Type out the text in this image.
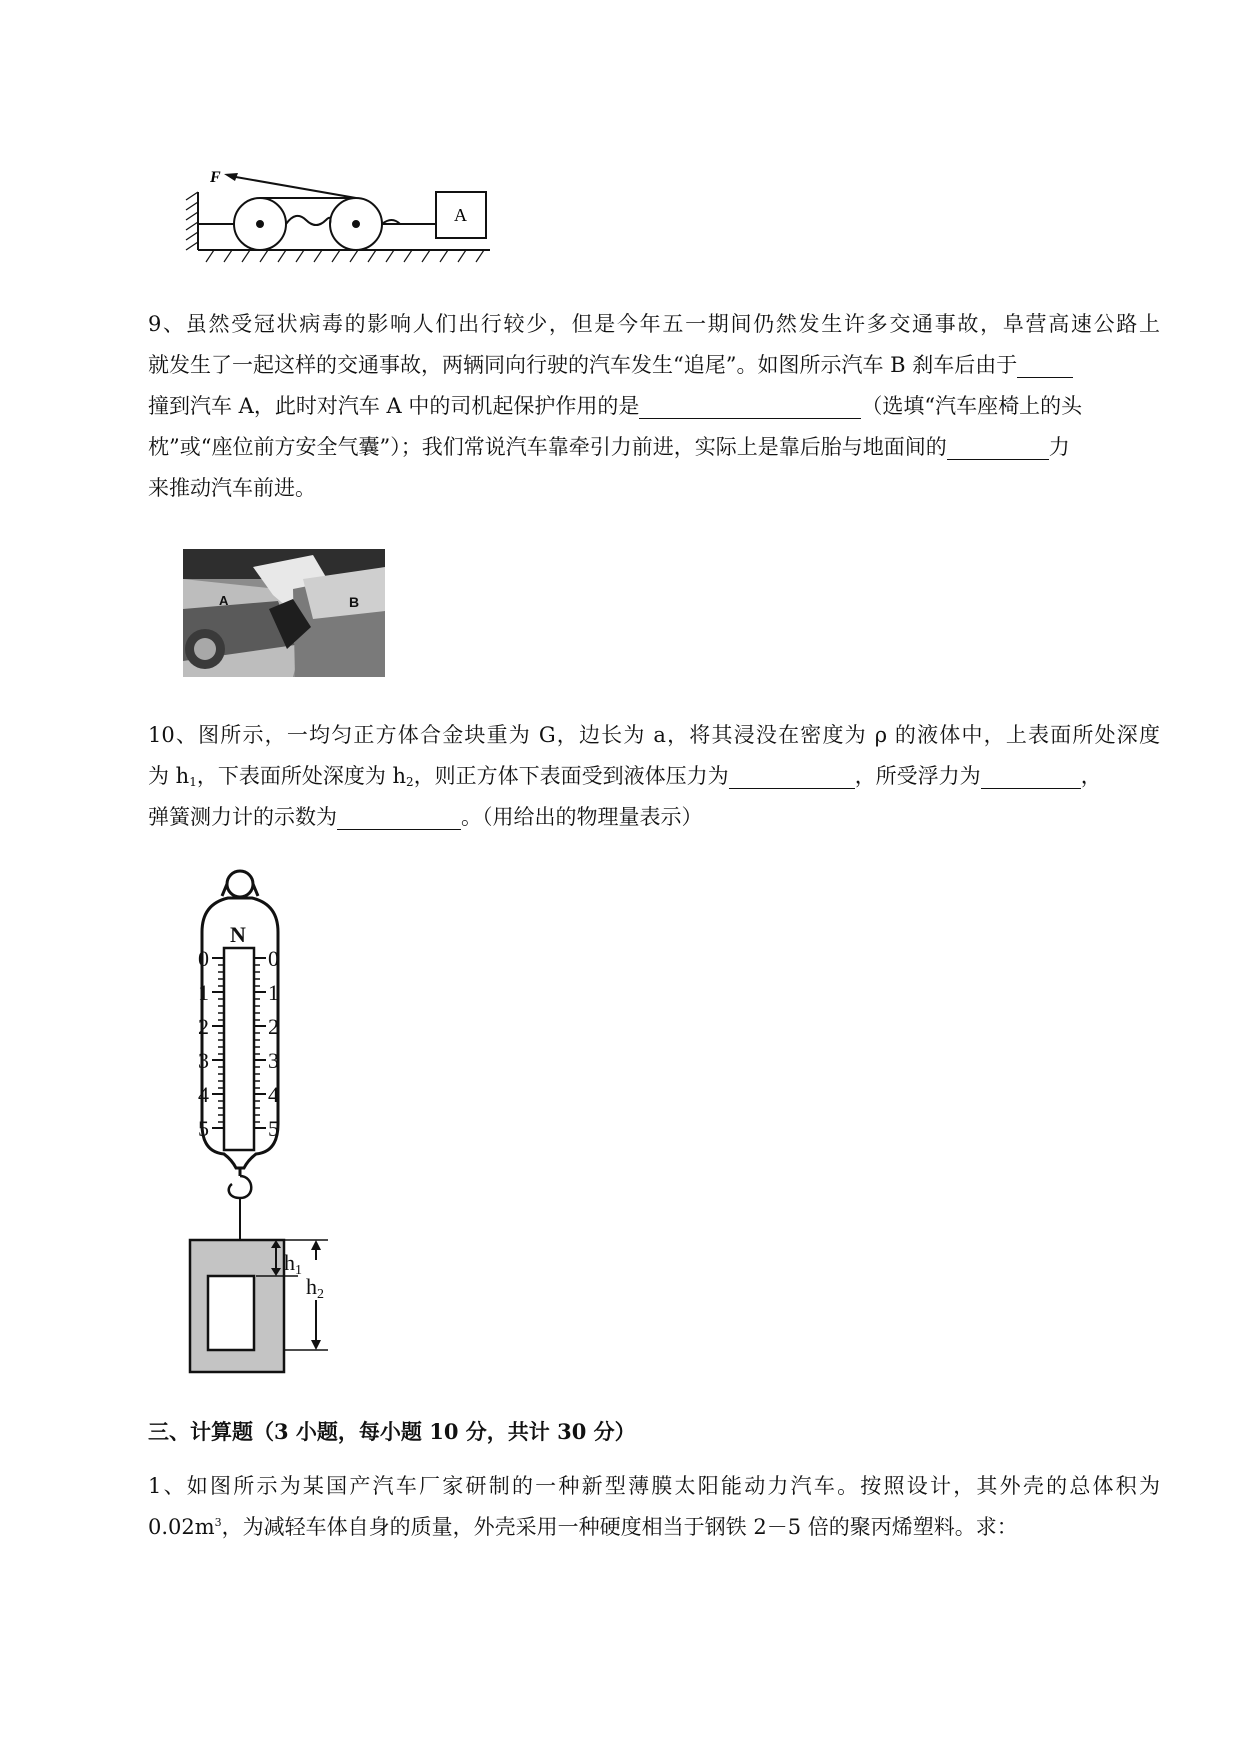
F
A
9、虽然受冠状病毒的影响人们出行较少，但是今年五一期间仍然发生许多交通事故，阜营高速公路上
就发生了一起这样的交通事故，两辆同向行驶的汽车发生“追尾”。如图所示汽车 B 刹车后由于
撞到汽车 A，此时对汽车 A 中的司机起保护作用的是	（选填“汽车座椅上的头
枕”或“座位前方安全气囊”）；我们常说汽车靠牵引力前进，实际上是靠后胎与地面间的	力
来推动汽车前进。
A	B
10、图所示，一均匀正方体合金块重为 G，边长为 a，将其浸没在密度为 ρ 的液体中，上表面所处深度
为 $h_1$，下表面所处深度为 $h_2$，则正方体下表面受到液体压力为	，所受浮力为	，
弹簧测力计的示数为	。（用给出的物理量表示）
N
0
1
2
3
4
5
0
1
2
3
4
5
h1
h2
三、计算题（3 小题，每小题 10 分，共计 30 分）
1、如图所示为某国产汽车厂家研制的一种新型薄膜太阳能动力汽车。按照设计，其外壳的总体积为
$0.02m^3$，为减轻车体自身的质量，外壳采用一种硬度相当于钢铁 2－5 倍的聚丙烯塑料。求：
